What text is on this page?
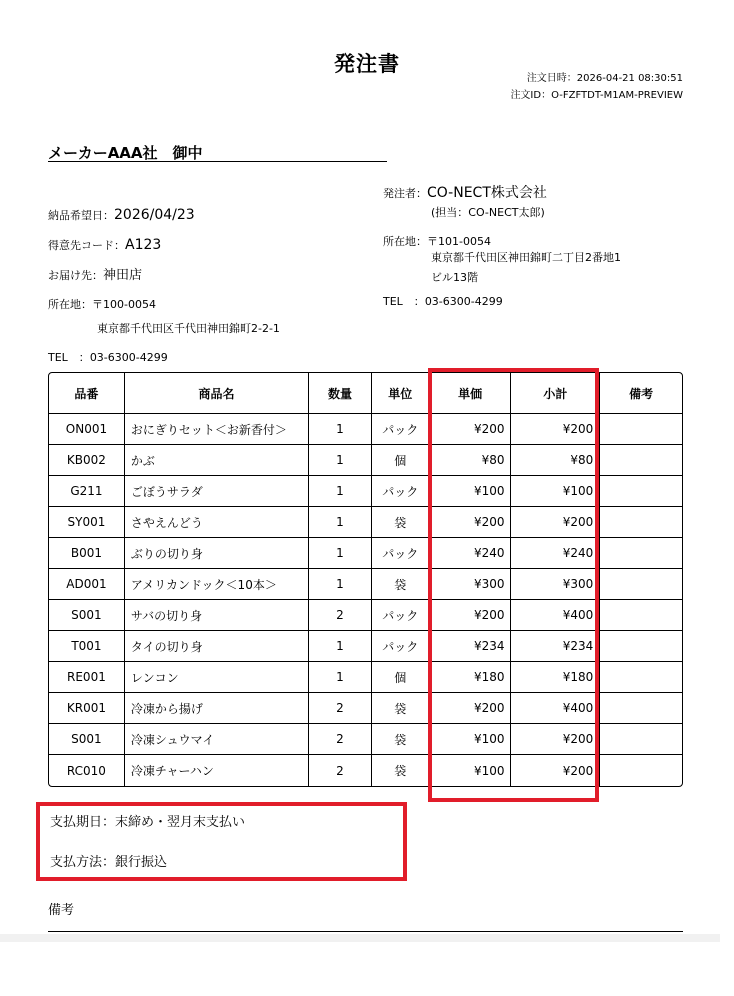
発注書
注文日時：2026-04-21 08:30:51
注文ID：O-FZFTDT-M1AM-PREVIEW
メーカーAAA社　御中
納品希望日：2026/04/23
得意先コード：A123
お届け先：神田店
所在地：〒100-0054
東京都千代田区千代田神田錦町2-2-1
TEL　：03-6300-4299
発注者：CO-NECT株式会社
(担当：CO-NECT太郎)
所在地：〒101-0054
東京都千代田区神田錦町二丁目2番地1
ビル13階
TEL　：03-6300-4299
品番	商品名	数量	単位	単価	小計	備考
ON001	おにぎりセット＜お新香付＞	1	パック	¥200	¥200	
KB002	かぶ	1	個	¥80	¥80	
G211	ごぼうサラダ	1	パック	¥100	¥100	
SY001	さやえんどう	1	袋	¥200	¥200	
B001	ぶりの切り身	1	パック	¥240	¥240	
AD001	アメリカンドック＜10本＞	1	袋	¥300	¥300	
S001	サバの切り身	2	パック	¥200	¥400	
T001	タイの切り身	1	パック	¥234	¥234	
RE001	レンコン	1	個	¥180	¥180	
KR001	冷凍から揚げ	2	袋	¥200	¥400	
S001	冷凍シュウマイ	2	袋	¥100	¥200	
RC010	冷凍チャーハン	2	袋	¥100	¥200	
支払期日：末締め・翌月末支払い
支払方法：銀行振込
備考
